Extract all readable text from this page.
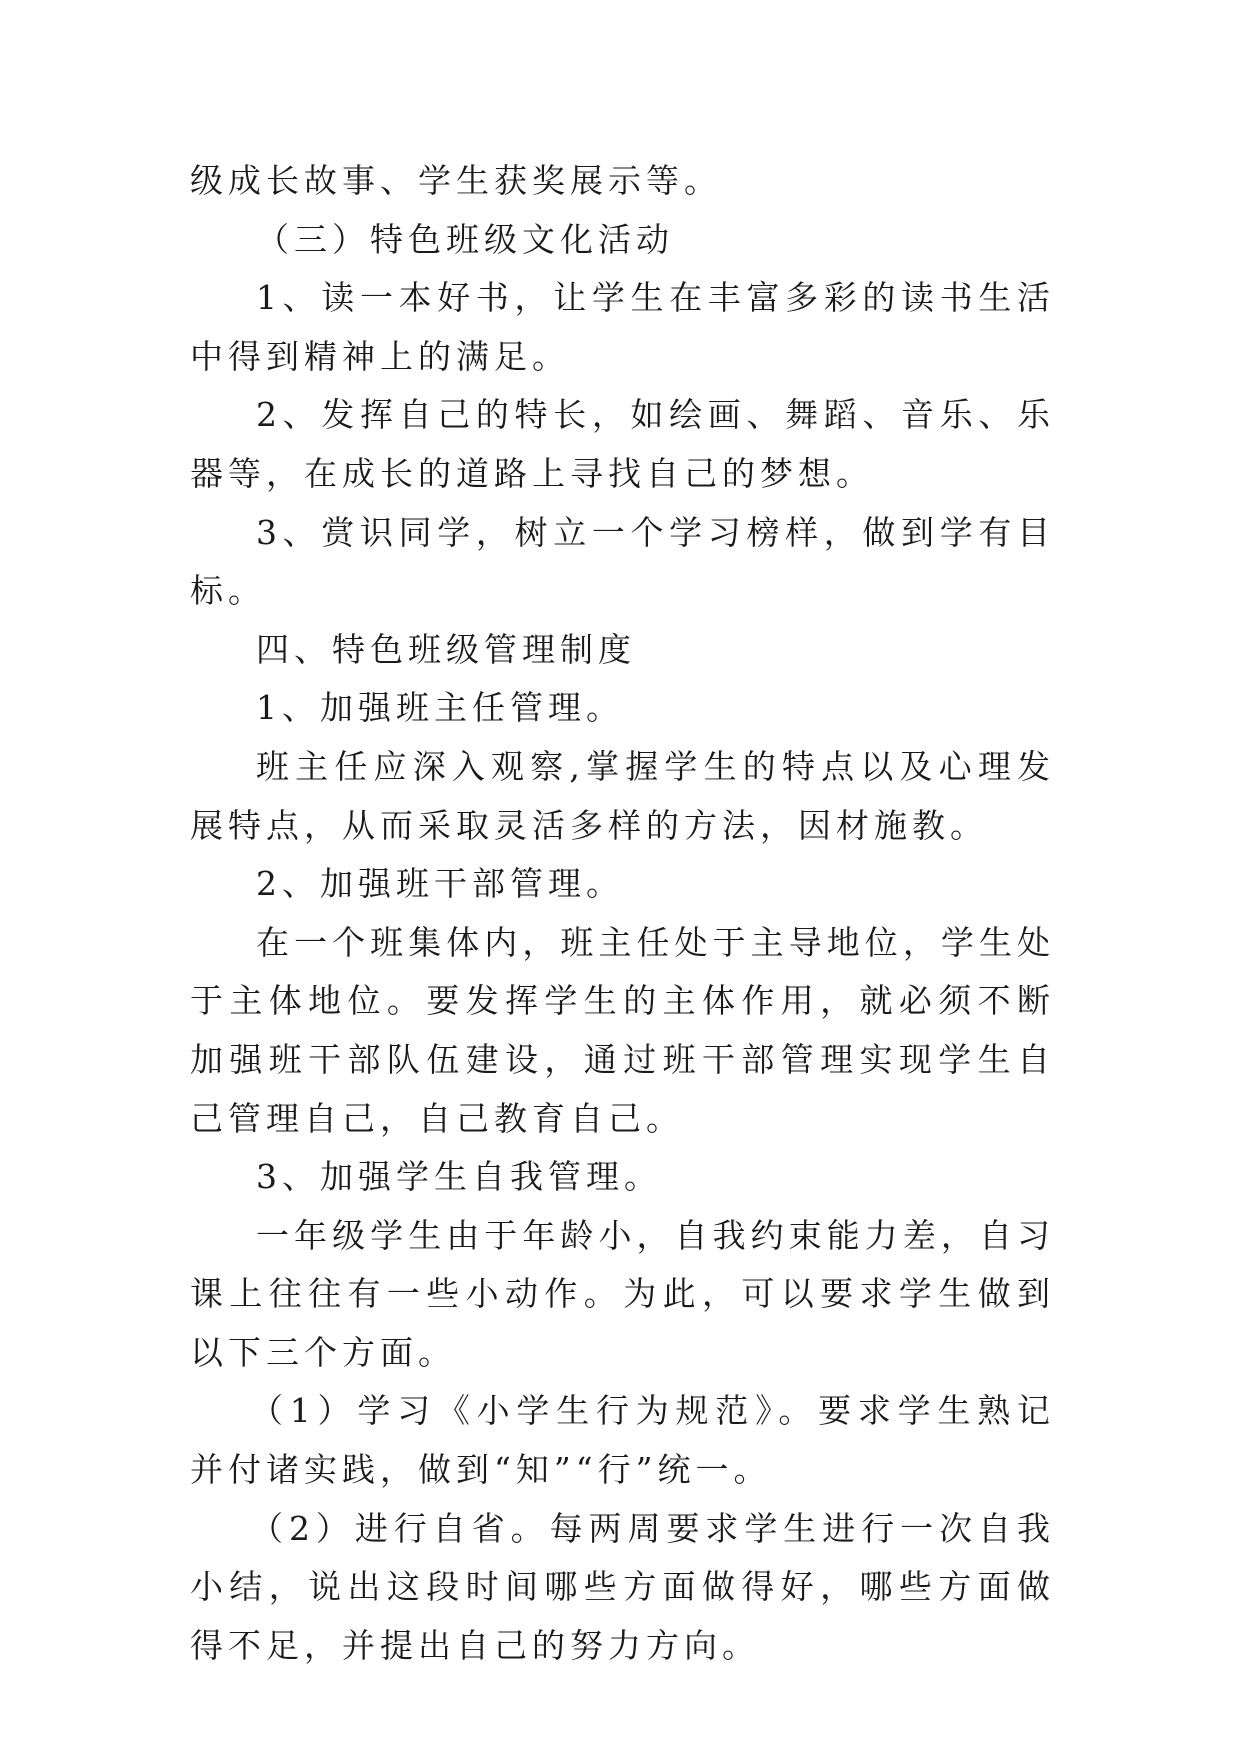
级成长故事、学生获奖展示等。

（三）特色班级文化活动

1、读一本好书，让学生在丰富多彩的读书生活中得到精神上的满足。

2、发挥自己的特长，如绘画、舞蹈、音乐、乐器等，在成长的道路上寻找自己的梦想。

3、赏识同学，树立一个学习榜样，做到学有目标。

四、特色班级管理制度

1、加强班主任管理。

班主任应深入观察,掌握学生的特点以及心理发展特点，从而采取灵活多样的方法，因材施教。

2、加强班干部管理。

在一个班集体内，班主任处于主导地位，学生处于主体地位。要发挥学生的主体作用，就必须不断加强班干部队伍建设，通过班干部管理实现学生自己管理自己，自己教育自己。

3、加强学生自我管理。

一年级学生由于年龄小，自我约束能力差，自习课上往往有一些小动作。为此，可以要求学生做到以下三个方面。

（1）学习《小学生行为规范》。要求学生熟记并付诸实践，做到“知”“行”统一。

（2）进行自省。每两周要求学生进行一次自我小结，说出这段时间哪些方面做得好，哪些方面做得不足，并提出自己的努力方向。
